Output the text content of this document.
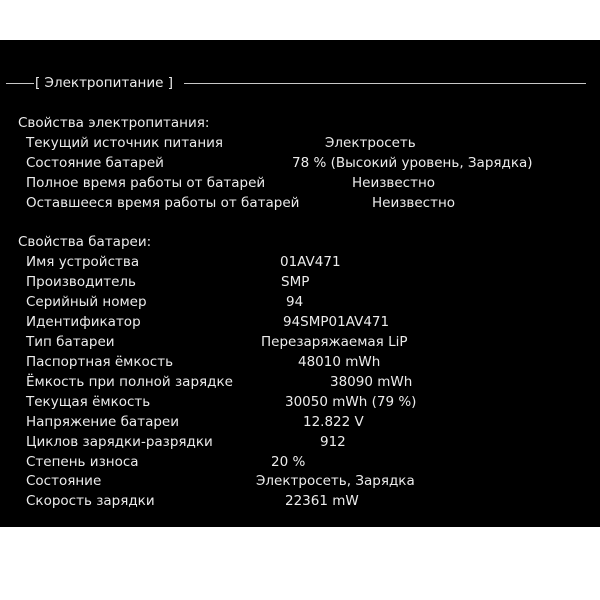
[ Электропитание ]
Свойства электропитания:
Текущий источник питания	Электросеть
Состояние батарей	78 % (Высокий уровень, Зарядка)
Полное время работы от батарей	Неизвестно
Оставшееся время работы от батарей	Неизвестно
Свойства батареи:
Имя устройства	01AV471
Производитель	SMP
Серийный номер	94
Идентификатор	94SMP01AV471
Тип батареи	Перезаряжаемая LiP
Паспортная ёмкость	48010 mWh
Ёмкость при полной зарядке	38090 mWh
Текущая ёмкость	30050 mWh (79 %)
Напряжение батареи	12.822 V
Циклов зарядки-разрядки	912
Степень износа	20 %
Состояние	Электросеть, Зарядка
Скорость зарядки	22361 mW
